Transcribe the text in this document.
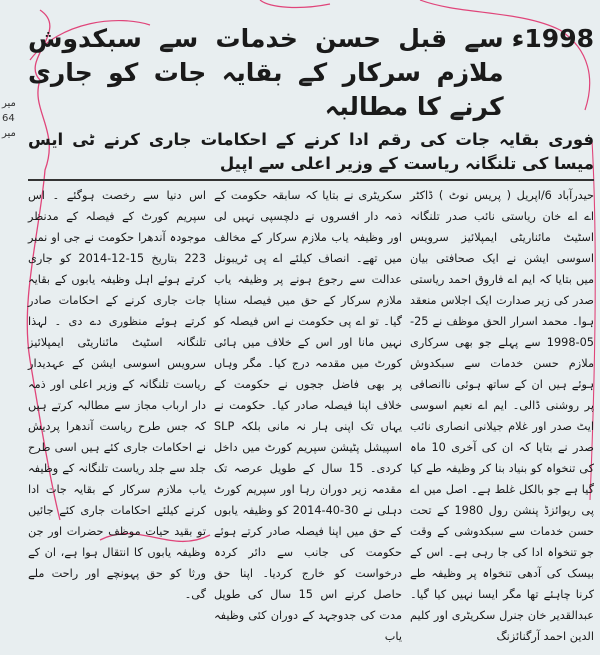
میر
64
میر
1998ء
سے قبل حسن خدمات سے سبکدوش ملازم سرکار کے بقایہ جات کو جاری کرنے کا مطالبہ
فوری بقایہ جات کی رقم ادا کرنے کے احکامات جاری کرنے ٹی ایس میسا کی تلنگانہ ریاست کے وزیر اعلی سے اپیل
حیدرآباد 6/اپریل ( پریس نوٹ ) ڈاکٹر اے اے خان ریاستی نائب صدر تلنگانہ اسٹیٹ مائناریٹی ایمپلائیز سرویس اسوسی ایشن نے ایک صحافتی بیان میں بتایا کہ ایم اے فاروق احمد ریاستی صدر کی زیر صدارت ایک اجلاس منعقد ہوا۔ محمد اسرار الحق موظف نے 25-05-1998 سے پہلے جو بھی سرکاری ملازم حسن خدمات سے سبکدوش ہوئے ہیں ان کے ساتھ ہوئی ناانصافی پر روشنی ڈالی۔ ایم اے نعیم اسوسی ایٹ صدر اور غلام جیلانی انصاری نائب صدر نے بتایا کہ ان کی آخری 10 ماہ کی تنخواہ کو بنیاد بنا کر وظیفہ طے کیا گیا ہے جو بالکل غلط ہے۔ اصل میں اے پی ریوائزڈ پنشن رول 1980 کے تحت حسن خدمات سے سبکدوشی کے وقت جو تنخواہ ادا کی جا رہی ہے۔ اس کے بیسک کی آدھی تنخواہ پر وظیفہ طے کرنا چاہئے تھا مگر ایسا نہیں کیا گیا۔ عبدالقدیر خان جنرل سکریٹری اور کلیم الدین احمد آرگنائزنگ
سکریٹری نے بتایا کہ سابقہ حکومت کے ذمہ دار افسروں نے دلچسپی نہیں لی اور وظیفہ یاب ملازم سرکار کے مخالف میں تھے۔ انصاف کیلئے اے پی ٹریبونل عدالت سے رجوع ہونے پر وظیفہ یاب ملازم سرکار کے حق میں فیصلہ سنایا گیا۔ تو اے پی حکومت نے اس فیصلہ کو نہیں مانا اور اس کے خلاف میں ہائی کورٹ میں مقدمہ درج کیا۔ مگر وہاں پر بھی فاضل ججوں نے حکومت کے خلاف اپنا فیصلہ صادر کیا۔ حکومت نے یہاں تک اپنی ہار نہ مانی بلکہ SLP اسپیشل پٹیشن سپریم کورٹ میں داخل کردی۔ 15 سال کے طویل عرصہ تک مقدمہ زیر دوران رہا اور سپریم کورٹ دہلی نے 30-40-2014 کو وظیفہ یابوں کے حق میں اپنا فیصلہ صادر کرتے ہوئے حکومت کی جانب سے دائر کردہ درخواست کو خارج کردیا۔ اپنا حق حاصل کرنے اس 15 سال کی طویل مدت کی جدوجہد کے دوران کئی وظیفہ یاب
اس دنیا سے رخصت ہوگئے ۔ اس سپریم کورٹ کے فیصلہ کے مدنظر موجودہ آندھرا حکومت نے جی او نمبر 223 بتاریخ 15-12-2014 کو جاری کرتے ہوئے اہل وظیفہ یابوں کے بقایہ جات جاری کرنے کے احکامات صادر کرتے ہوئے منظوری دے دی ۔ لہذا تلنگانہ اسٹیٹ مائناریٹی ایمپلائیز سرویس اسوسی ایشن کے عہدیدار ریاست تلنگانہ کے وزیر اعلی اور ذمہ دار ارباب مجاز سے مطالبہ کرتے ہیں کہ جس طرح ریاست آندھرا پردیش نے احکامات جاری کئے ہیں اسی طرح جلد سے جلد ریاست تلنگانہ کے وظیفہ یاب ملازم سرکار کے بقایہ جات ادا کرنے کیلئے احکامات جاری کئے جائیں تو بقید حیات موظف حضرات اور جن وظیفہ یابوں کا انتقال ہوا ہے، ان کے ورثا کو حق پہونچے اور راحت ملے گی۔
